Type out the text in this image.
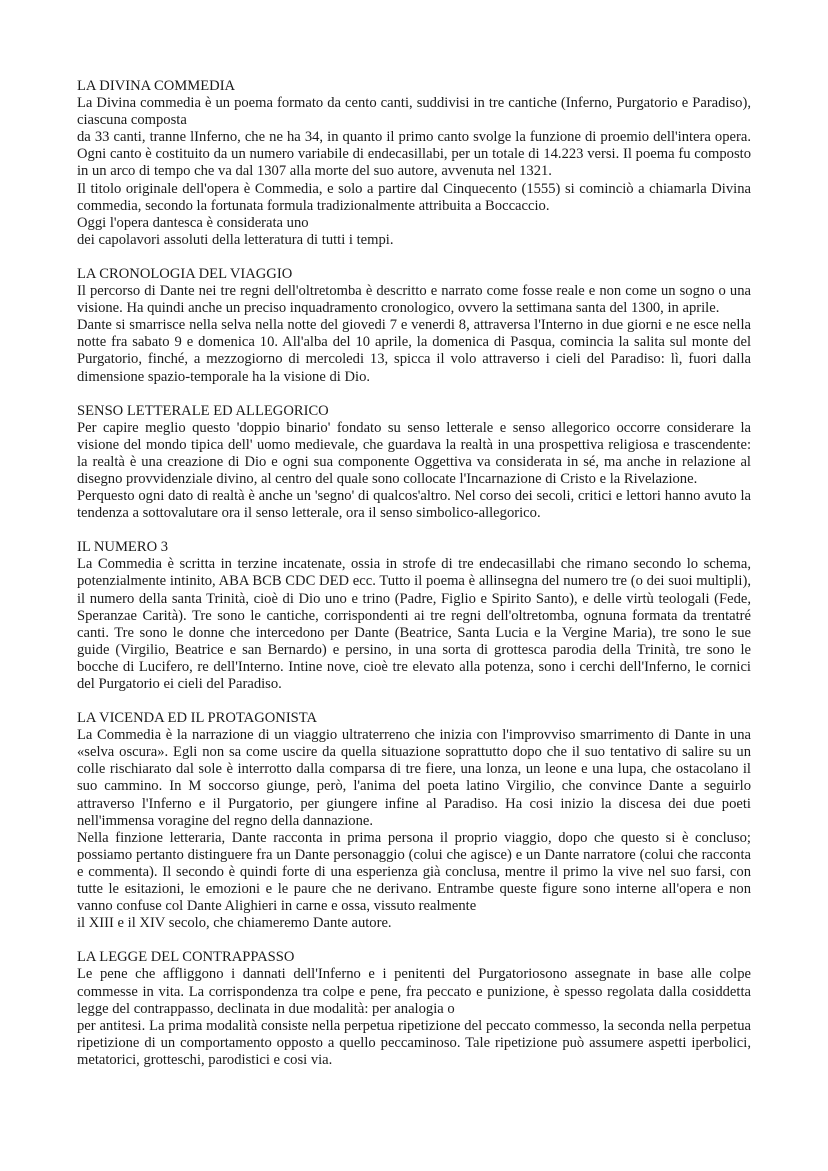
LA DIVINA COMMEDIA

La Divina commedia è un poema formato da cento canti, suddivisi in tre cantiche (Inferno, Purgatorio e Paradiso), ciascuna composta

da 33 canti, tranne lInferno, che ne ha 34, in quanto il primo canto svolge la funzione di proemio dell'intera opera. Ogni canto è costituito da un numero variabile di endecasillabi, per un totale di 14.223 versi. Il poema fu composto in un arco di tempo che va dal 1307 alla morte del suo autore, avvenuta nel 1321.

Il titolo originale dell'opera è Commedia, e solo a partire dal Cinquecento (1555) si cominciò a chiamarla Divina commedia, secondo la fortunata formula tradizionalmente attribuita a Boccaccio.

Oggi l'opera dantesca è considerata uno

dei capolavori assoluti della letteratura di tutti i tempi.

LA CRONOLOGIA DEL VIAGGIO

Il percorso di Dante nei tre regni dell'oltretomba è descritto e narrato come fosse reale e non come un sogno o una visione. Ha quindi anche un preciso inquadramento cronologico, ovvero la settimana santa del 1300, in aprile.

Dante si smarrisce nella selva nella notte del giovedi 7 e venerdi 8, attraversa l'Interno in due giorni e ne esce nella notte fra sabato 9 e domenica 10. All'alba del 10 aprile, la domenica di Pasqua, comincia la salita sul monte del Purgatorio, finché, a mezzogiorno di mercoledi 13, spicca il volo attraverso i cieli del Paradiso: lì, fuori dalla dimensione spazio-temporale ha la visione di Dio.

SENSO LETTERALE ED ALLEGORICO

Per capire meglio questo 'doppio binario' fondato su senso letterale e senso allegorico occorre considerare la visione del mondo tipica dell' uomo medievale, che guardava la realtà in una prospettiva religiosa e trascendente: la realtà è una creazione di Dio e ogni sua componente Oggettiva va considerata in sé, ma anche in relazione al disegno provvidenziale divino, al centro del quale sono collocate l'Incarnazione di Cristo e la Rivelazione.

Perquesto ogni dato di realtà è anche un 'segno' di qualcos'altro. Nel corso dei secoli, critici e lettori hanno avuto la tendenza a sottovalutare ora il senso letterale, ora il senso simbolico-allegorico.

IL NUMERO 3

La Commedia è scritta in terzine incatenate, ossia in strofe di tre endecasillabi che rimano secondo lo schema, potenzialmente intinito, ABA BCB CDC DED ecc. Tutto il poema è allinsegna del numero tre (o dei suoi multipli), il numero della santa Trinità, cioè di Dio uno e trino (Padre, Figlio e Spirito Santo), e delle virtù teologali (Fede, Speranzae Carità). Tre sono le cantiche, corrispondenti ai tre regni dell'oltretomba, ognuna formata da trentatré canti. Tre sono le donne che intercedono per Dante (Beatrice, Santa Lucia e la Vergine Maria), tre sono le sue guide (Virgilio, Beatrice e san Bernardo) e persino, in una sorta di grottesca parodia della Trinità, tre sono le bocche di Lucifero, re dell'Interno. Intine nove, cioè tre elevato alla potenza, sono i cerchi dell'Inferno, le cornici del Purgatorio ei cieli del Paradiso.

LA VICENDA ED IL PROTAGONISTA

La Commedia è la narrazione di un viaggio ultraterreno che inizia con l'improvviso smarrimento di Dante in una «selva oscura». Egli non sa come uscire da quella situazione soprattutto dopo che il suo tentativo di salire su un colle rischiarato dal sole è interrotto dalla comparsa di tre fiere, una lonza, un leone e una lupa, che ostacolano il suo cammino. In M soccorso giunge, però, l'anima del poeta latino Virgilio, che convince Dante a seguirlo attraverso l'Inferno e il Purgatorio, per giungere infine al Paradiso. Ha cosi inizio la discesa dei due poeti nell'immensa voragine del regno della dannazione.

Nella finzione letteraria, Dante racconta in prima persona il proprio viaggio, dopo che questo si è concluso; possiamo pertanto distinguere fra un Dante personaggio (colui che agisce) e un Dante narratore (colui che racconta e commenta). Il secondo è quindi forte di una esperienza già conclusa, mentre il primo la vive nel suo farsi, con tutte le esitazioni, le emozioni e le paure che ne derivano. Entrambe queste figure sono interne all'opera e non vanno confuse col Dante Alighieri in carne e ossa, vissuto realmente

il XIII e il XIV secolo, che chiameremo Dante autore.

LA LEGGE DEL CONTRAPPASSO

Le pene che affliggono i dannati dell'Inferno e i penitenti del Purgatoriosono assegnate in base alle colpe commesse in vita. La corrispondenza tra colpe e pene, fra peccato e punizione, è spesso regolata dalla cosiddetta legge del contrappasso, declinata in due modalità: per analogia o

per antitesi. La prima modalità consiste nella perpetua ripetizione del peccato commesso, la seconda nella perpetua ripetizione di un comportamento opposto a quello peccaminoso. Tale ripetizione può assumere aspetti iperbolici, metatorici, grotteschi, parodistici e cosi via.
